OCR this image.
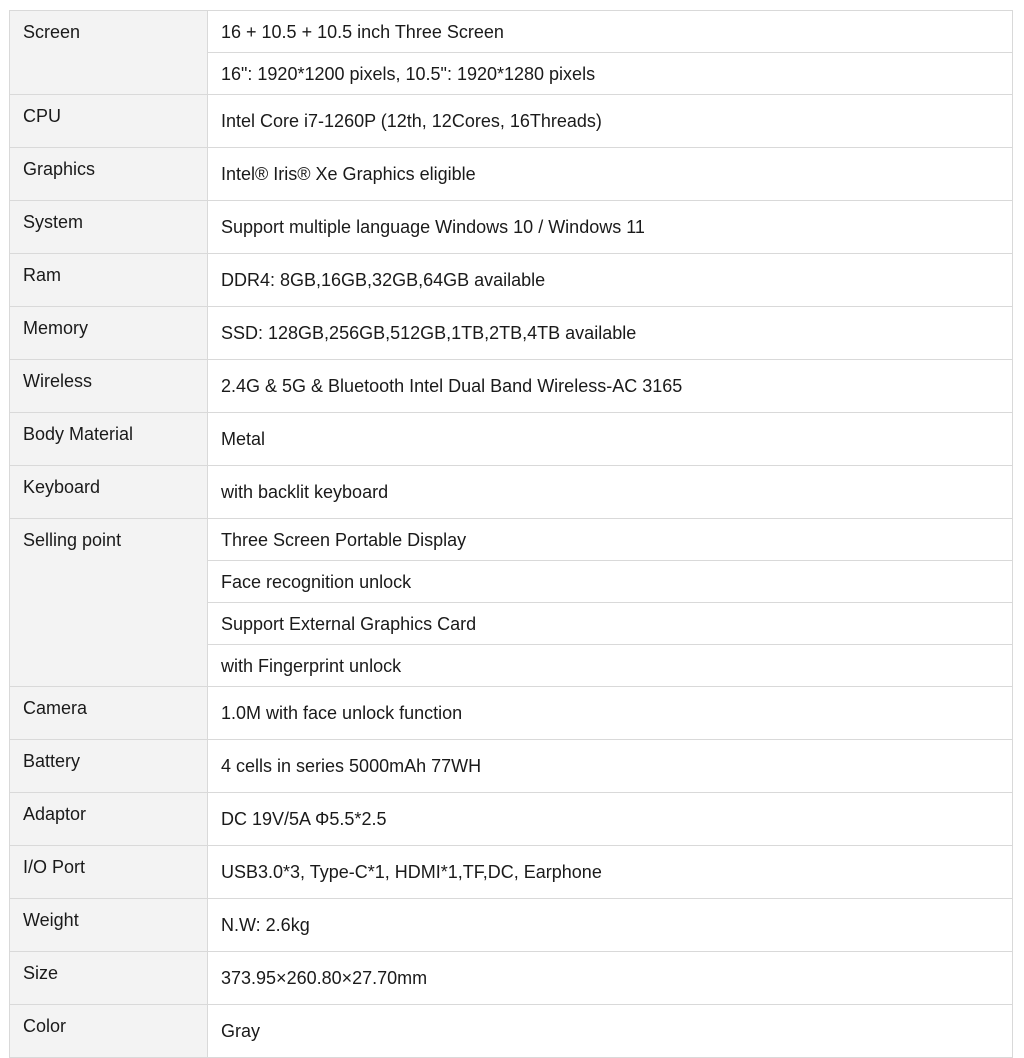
Screen	16 + 10.5 + 10.5 inch Three Screen
	16": 1920*1200 pixels, 10.5": 1920*1280 pixels
CPU	Intel Core i7-1260P (12th, 12Cores, 16Threads)
Graphics	Intel® Iris® Xe Graphics eligible
System	Support multiple language Windows 10 / Windows 11
Ram	DDR4: 8GB,16GB,32GB,64GB available
Memory	SSD: 128GB,256GB,512GB,1TB,2TB,4TB available
Wireless	2.4G & 5G & Bluetooth Intel Dual Band Wireless-AC 3165
Body Material	Metal
Keyboard	with backlit keyboard
Selling point	Three Screen Portable Display
	Face recognition unlock
	Support External Graphics Card
	with Fingerprint unlock
Camera	1.0M with face unlock function
Battery	4 cells in series 5000mAh 77WH
Adaptor	DC 19V/5A Φ5.5*2.5
I/O Port	USB3.0*3, Type-C*1, HDMI*1,TF,DC, Earphone
Weight	N.W: 2.6kg
Size	373.95×260.80×27.70mm
Color	Gray
